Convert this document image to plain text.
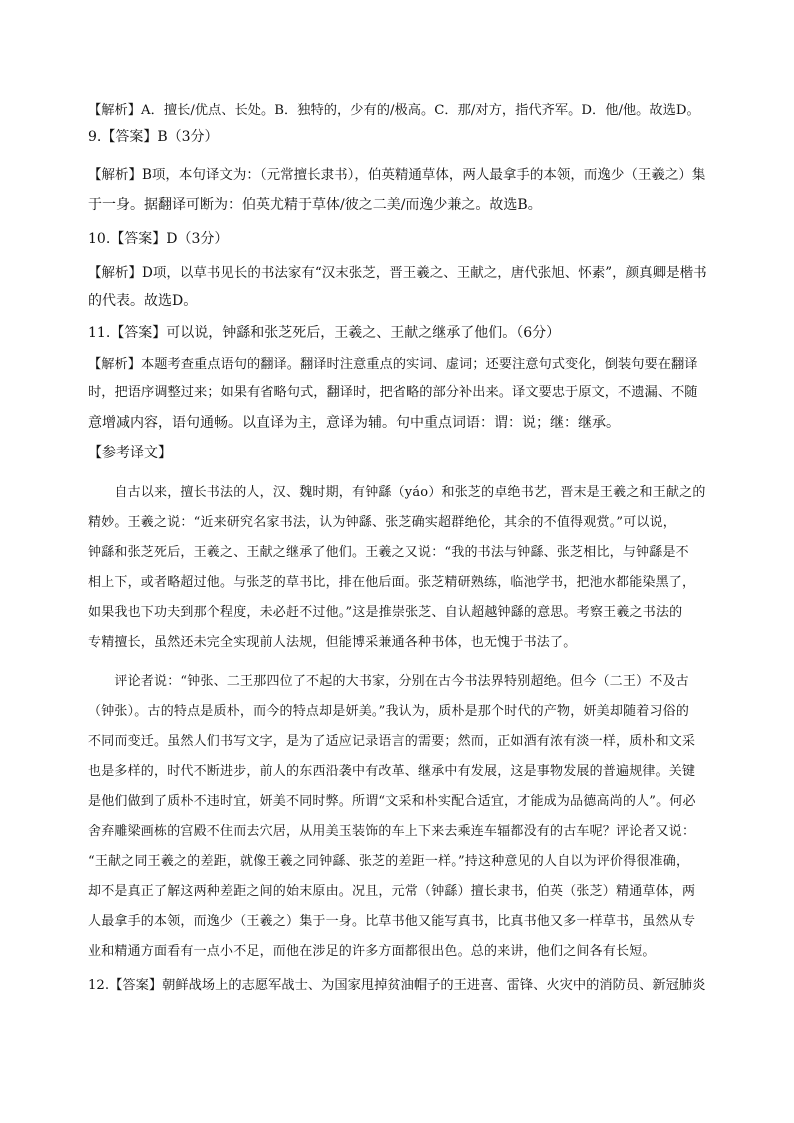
【解析】A．擅长/优点、长处。B．独特的，少有的/极高。C．那/对方，指代齐军。D．他/他。故选D。
9.【答案】B（3分）
【解析】B项，本句译文为：（元常擅长隶书），伯英精通草体，两人最拿手的本领，而逸少（王羲之）集
于一身。据翻译可断为：伯英尤精于草体/彼之二美/而逸少兼之。故选B。
10.【答案】D（3分）
【解析】D项，以草书见长的书法家有“汉末张芝，晋王羲之、王献之，唐代张旭、怀素”，颜真卿是楷书
的代表。故选D。
11.【答案】可以说，钟繇和张芝死后，王羲之、王献之继承了他们。（6分）
【解析】本题考查重点语句的翻译。翻译时注意重点的实词、虚词；还要注意句式变化，倒装句要在翻译
时，把语序调整过来；如果有省略句式，翻译时，把省略的部分补出来。译文要忠于原文，不遗漏、不随
意增减内容，语句通畅。以直译为主，意译为辅。句中重点词语：谓：说；继：继承。
【参考译文】
　　自古以来，擅长书法的人，汉、魏时期，有钟繇（yáo）和张芝的卓绝书艺，晋末是王羲之和王献之的
精妙。王羲之说：“近来研究名家书法，认为钟繇、张芝确实超群绝伦，其余的不值得观赏。”可以说，
钟繇和张芝死后，王羲之、王献之继承了他们。王羲之又说：“我的书法与钟繇、张芝相比，与钟繇是不
相上下，或者略超过他。与张芝的草书比，排在他后面。张芝精研熟练，临池学书，把池水都能染黑了，
如果我也下功夫到那个程度，未必赶不过他。”这是推崇张芝、自认超越钟繇的意思。考察王羲之书法的
专精擅长，虽然还未完全实现前人法规，但能博采兼通各种书体，也无愧于书法了。
　　评论者说：“钟张、二王那四位了不起的大书家，分别在古今书法界特别超绝。但今（二王）不及古
（钟张）。古的特点是质朴，而今的特点却是妍美。”我认为，质朴是那个时代的产物，妍美却随着习俗的
不同而变迁。虽然人们书写文字，是为了适应记录语言的需要；然而，正如酒有浓有淡一样，质朴和文采
也是多样的，时代不断进步，前人的东西沿袭中有改革、继承中有发展，这是事物发展的普遍规律。关键
是他们做到了质朴不违时宜，妍美不同时弊。所谓“文采和朴实配合适宜，才能成为品德高尚的人”。何必
舍弃雕梁画栋的宫殿不住而去穴居，从用美玉装饰的车上下来去乘连车辐都没有的古车呢？评论者又说：
“王献之同王羲之的差距，就像王羲之同钟繇、张芝的差距一样。”持这种意见的人自以为评价得很准确，
却不是真正了解这两种差距之间的始末原由。况且，元常（钟繇）擅长隶书，伯英（张芝）精通草体，两
人最拿手的本领，而逸少（王羲之）集于一身。比草书他又能写真书，比真书他又多一样草书，虽然从专
业和精通方面看有一点小不足，而他在涉足的许多方面都很出色。总的来讲，他们之间各有长短。
12.【答案】朝鲜战场上的志愿军战士、为国家甩掉贫油帽子的王进喜、雷锋、火灾中的消防员、新冠肺炎
